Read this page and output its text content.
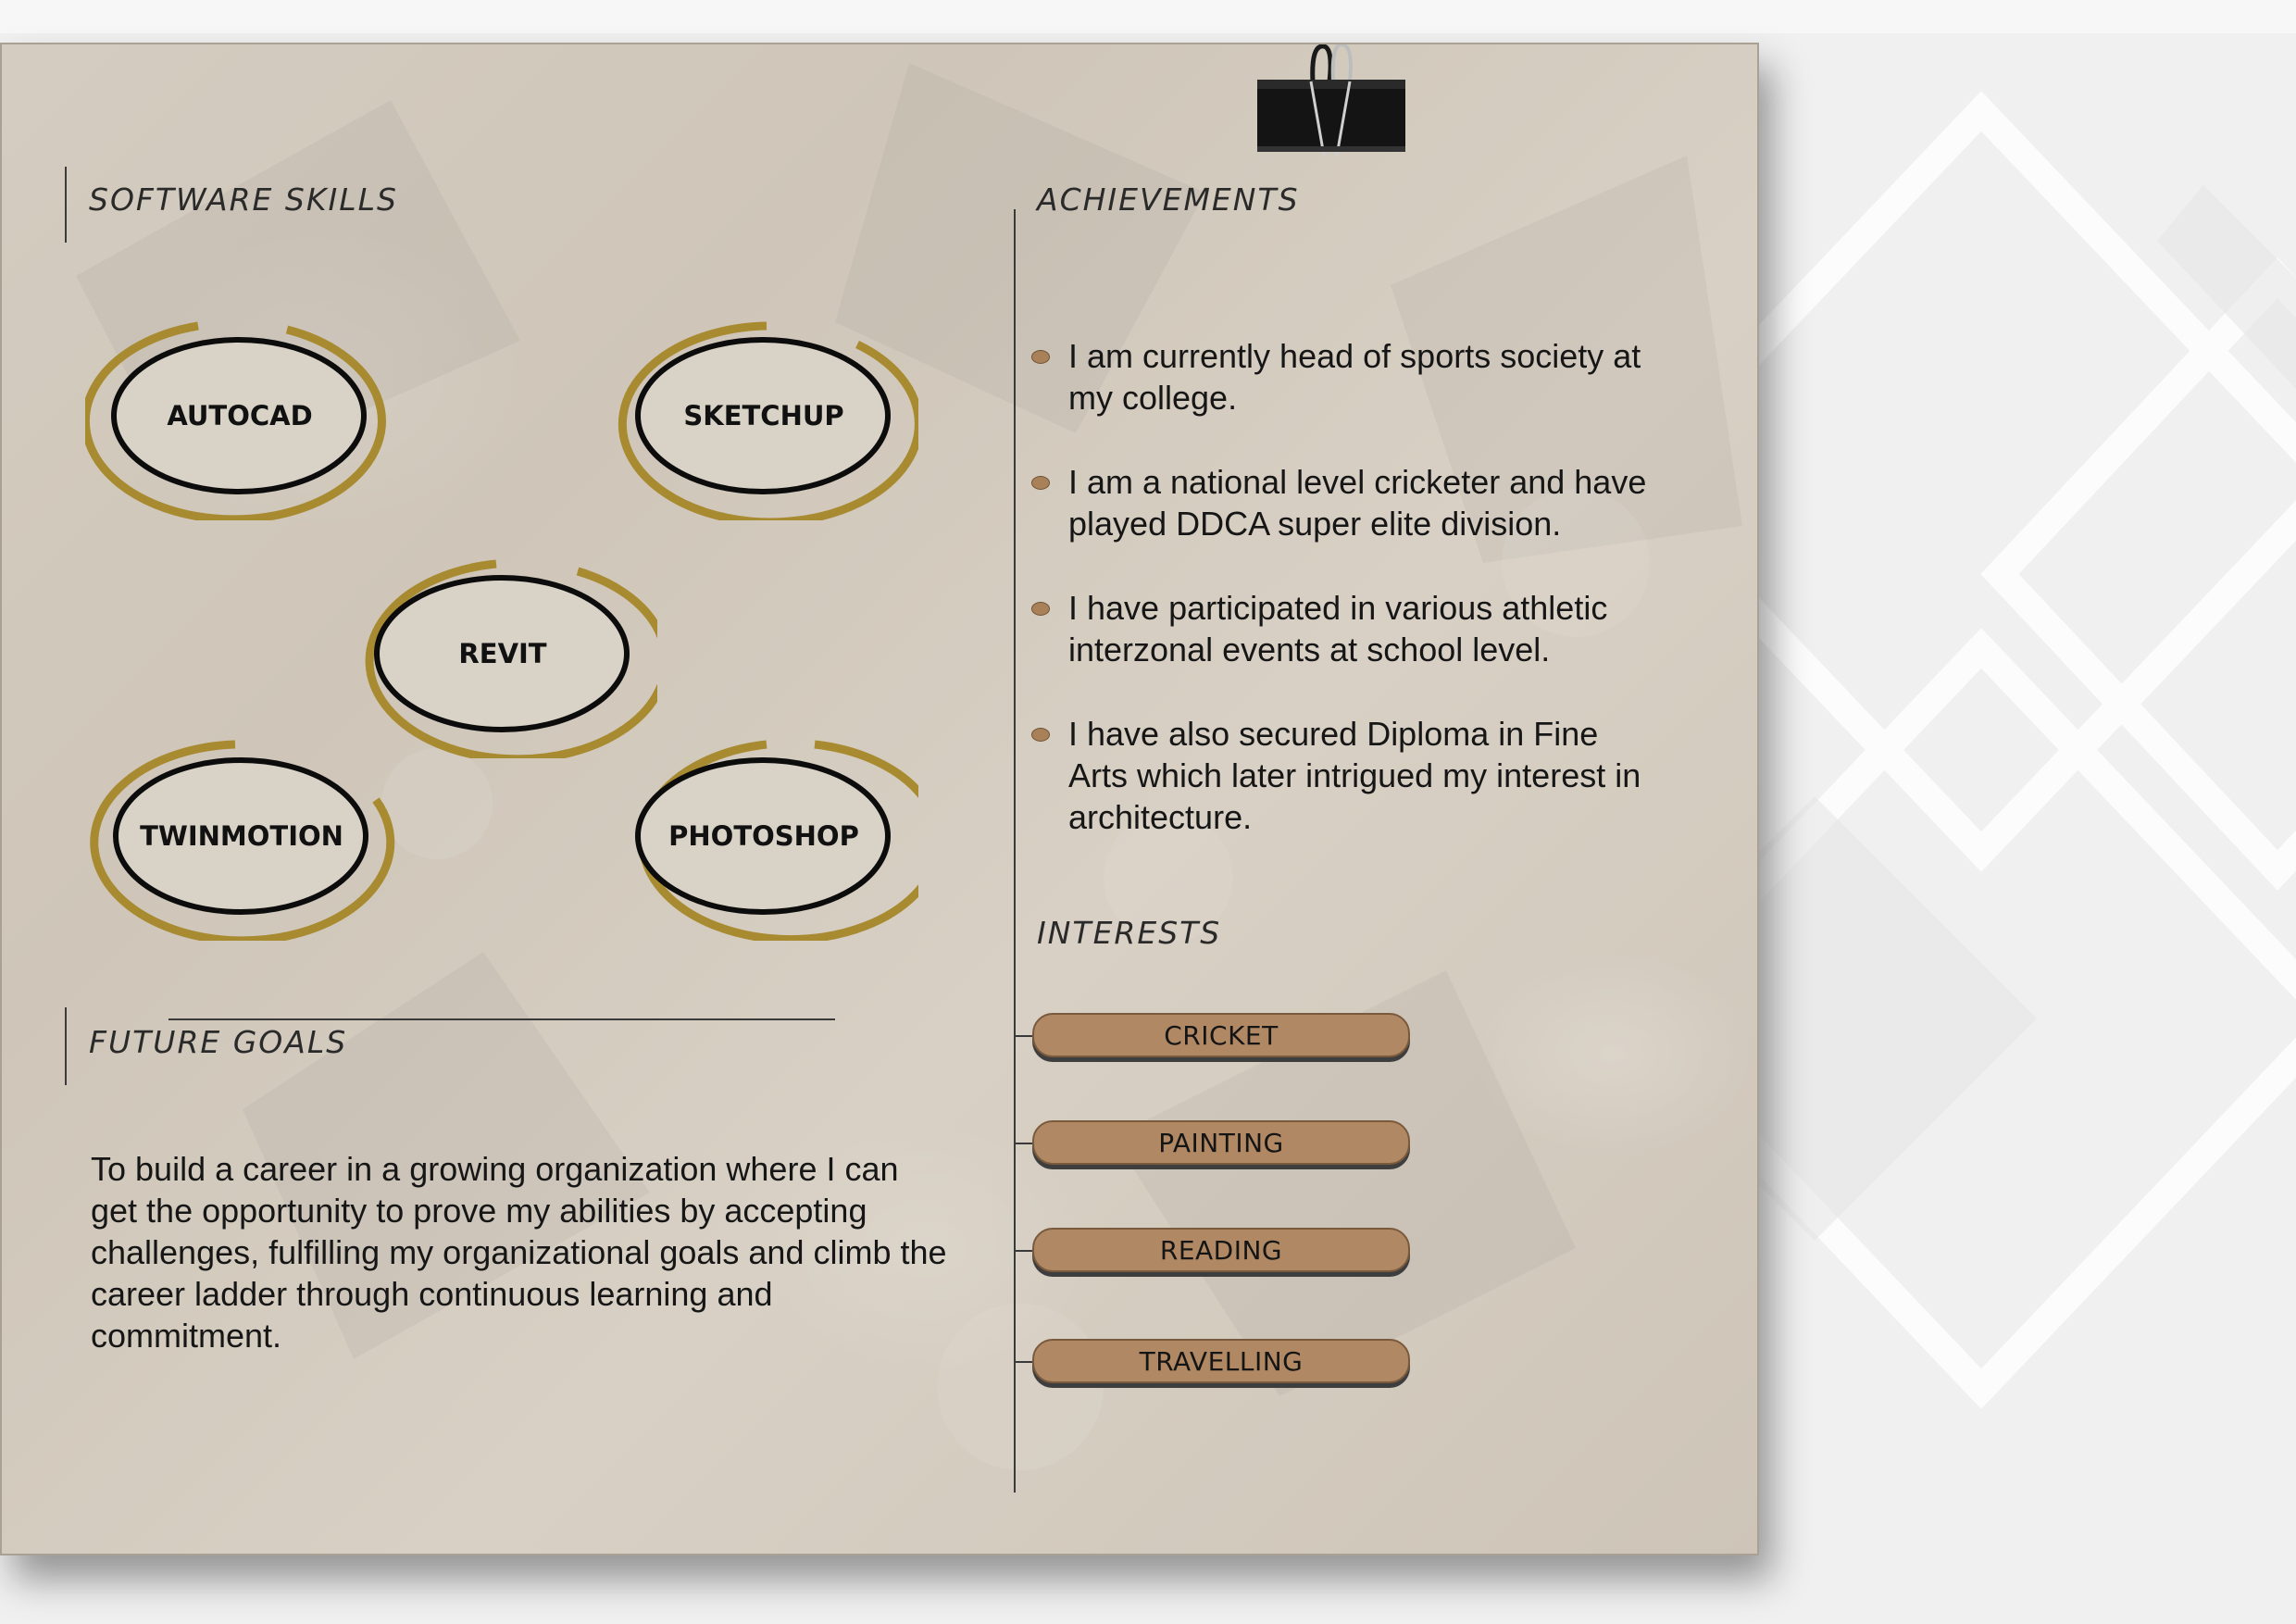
SOFTWARE SKILLS
AUTOCAD	SKETCHUP
REVIT
TWINMOTION	PHOTOSHOP
FUTURE GOALS
To build a career in a growing organization where I can get the opportunity to prove my abilities by accepting challenges, fulfilling my organizational goals and climb the career ladder through continuous learning and commitment.
ACHIEVEMENTS
I am currently head of sports society at my college.
I am a national level cricketer and have played DDCA super elite division.
I have participated in various athletic interzonal events at school level.
I have also secured Diploma in Fine Arts which later intrigued my interest in architecture.
INTERESTS
CRICKET
PAINTING
READING
TRAVELLING
